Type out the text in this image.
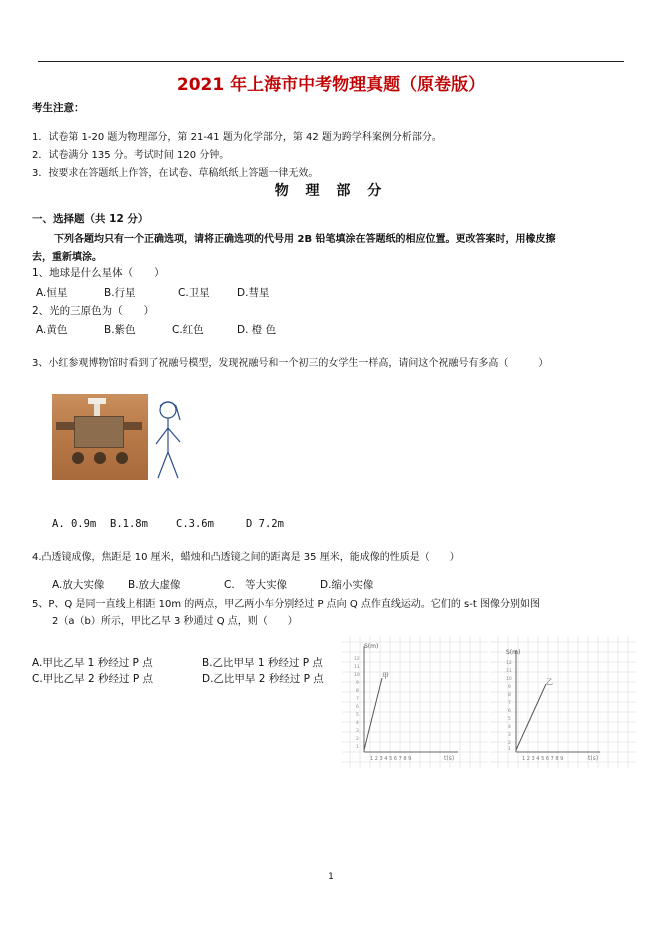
2021 年上海市中考物理真题（原卷版）
考生注意：
1．试卷第 1-20 题为物理部分，第 21-41 题为化学部分，第 42 题为跨学科案例分析部分。
2．试卷满分 135 分。考试时间 120 分钟。
3．按要求在答题纸上作答，在试卷、草稿纸纸上答题一律无效。
物 理 部 分
一、选择题（共 12 分）
下列各题均只有一个正确选项，请将正确选项的代号用 2B 铅笔填涂在答题纸的相应位置。更改答案时，用橡皮擦
去，重新填涂。
1、地球是什么星体（　　）
A.恒星	B.行星	C.卫星	D.彗星
2、光的三原色为（　　）
A.黄色	B.紫色	C.红色	D. 橙 色
3、小红参观博物馆时看到了祝融号模型，发现祝融号和一个初三的女学生一样高，请问这个祝融号有多高（　　　）
A. 0.9m B.1.8m	C.3.6m	D 7.2m
4.凸透镜成像，焦距是 10 厘米，蜡烛和凸透镜之间的距离是 35 厘米，能成像的性质是（　　）
A.放大实像 B.放大虚像	C.　等大实像	D.缩小实像
5、P、Q 是同一直线上相距 10m 的两点，甲乙两小车分别经过 P 点向 Q 点作直线运动。它们的 s-t 图像分别如图
2（a（b）所示，甲比乙早 3 秒通过 Q 点，则（　　）
A.甲比乙早 1 秒经过 P 点	B.乙比甲早 1 秒经过 P 点
C.甲比乙早 2 秒经过 P 点	D.乙比甲早 2 秒经过 P 点
S(m)
甲
1 2 3 4 5 6 7 8 9	t(s)
12
11
10
9
8
7
6
5
4
3
2
1
S(m)
乙
1 2 3 4 5 6 7 8 9	t(s)
12
11
10
9
8
7
6
5
4
3
2
1
1
